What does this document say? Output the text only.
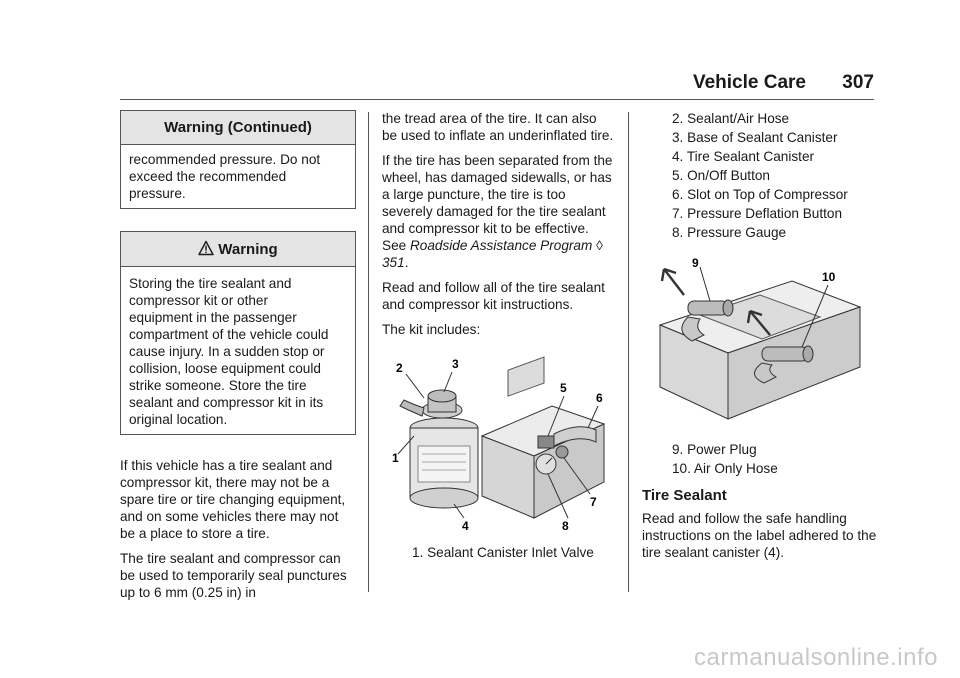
Vehicle Care 307
Warning (Continued)
recommended pressure. Do not
exceed the recommended
pressure.
Warning
Storing the tire sealant and
compressor kit or other
equipment in the passenger
compartment of the vehicle could
cause injury. In a sudden stop or
collision, loose equipment could
strike someone. Store the tire
sealant and compressor kit in its
original location.

If this vehicle has a tire sealant and compressor kit, there may not be a spare tire or tire changing equipment, and on some vehicles there may not be a place to store a tire.

The tire sealant and compressor can be used to temporarily seal punctures up to 6 mm (0.25 in) in

the tread area of the tire. It can also be used to inflate an underinflated tire.

If the tire has been separated from the wheel, has damaged sidewalls, or has a large puncture, the tire is too severely damaged for the tire sealant and compressor kit to be effective. See Roadside Assistance Program ◊ 351.

Read and follow all of the tire sealant and compressor kit instructions.

The kit includes:

1
2	3
4
5
6
7
8
1. Sealant Canister Inlet Valve
2. Sealant/Air Hose
3. Base of Sealant Canister
4. Tire Sealant Canister
5. On/Off Button
6. Slot on Top of Compressor
7. Pressure Deflation Button
8. Pressure Gauge
9
10
9. Power Plug
10. Air Only Hose
Tire Sealant

Read and follow the safe handling instructions on the label adhered to the tire sealant canister (4).

carmanualsonline.info
